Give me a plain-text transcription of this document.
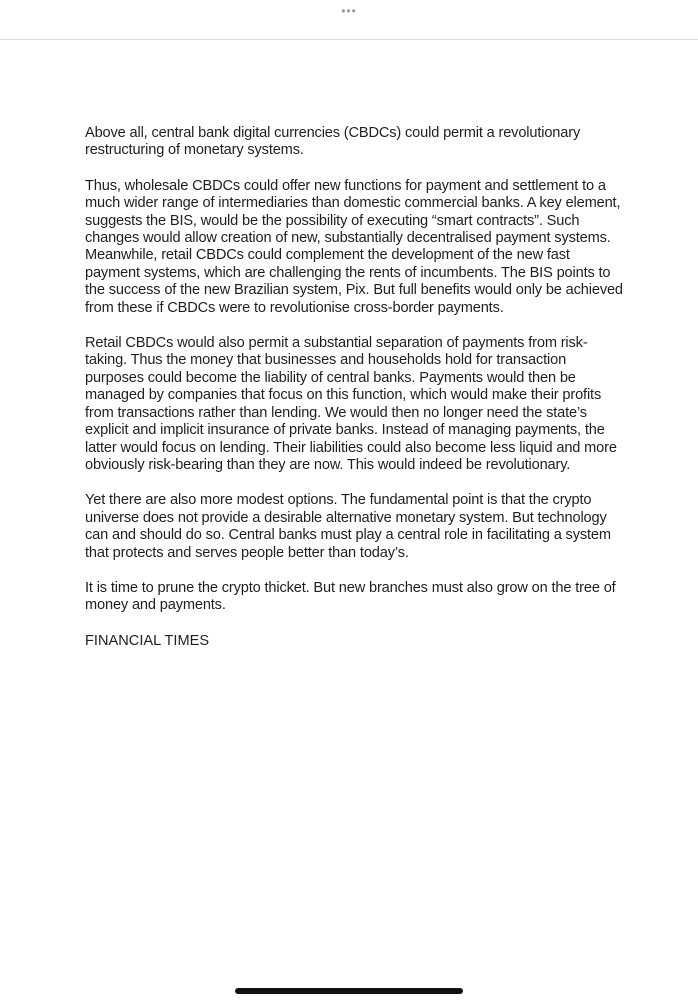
•••

Above all, central bank digital currencies (CBDCs) could permit a revolutionary restructuring of monetary systems.

Thus, wholesale CBDCs could offer new functions for payment and settlement to a much wider range of intermediaries than domestic commercial banks. A key element, suggests the BIS, would be the possibility of executing “smart contracts”. Such changes would allow creation of new, substantially decentralised payment systems. Meanwhile, retail CBDCs could complement the development of the new fast payment systems, which are challenging the rents of incumbents. The BIS points to the success of the new Brazilian system, Pix. But full benefits would only be achieved from these if CBDCs were to revolutionise cross-border payments.

Retail CBDCs would also permit a substantial separation of payments from risk-taking. Thus the money that businesses and households hold for transaction purposes could become the liability of central banks. Payments would then be managed by companies that focus on this function, which would make their profits from transactions rather than lending. We would then no longer need the state’s explicit and implicit insurance of private banks. Instead of managing payments, the latter would focus on lending. Their liabilities could also become less liquid and more obviously risk-bearing than they are now. This would indeed be revolutionary.

Yet there are also more modest options. The fundamental point is that the crypto universe does not provide a desirable alternative monetary system. But technology can and should do so. Central banks must play a central role in facilitating a system that protects and serves people better than today’s.

It is time to prune the crypto thicket. But new branches must also grow on the tree of money and payments.

FINANCIAL TIMES
